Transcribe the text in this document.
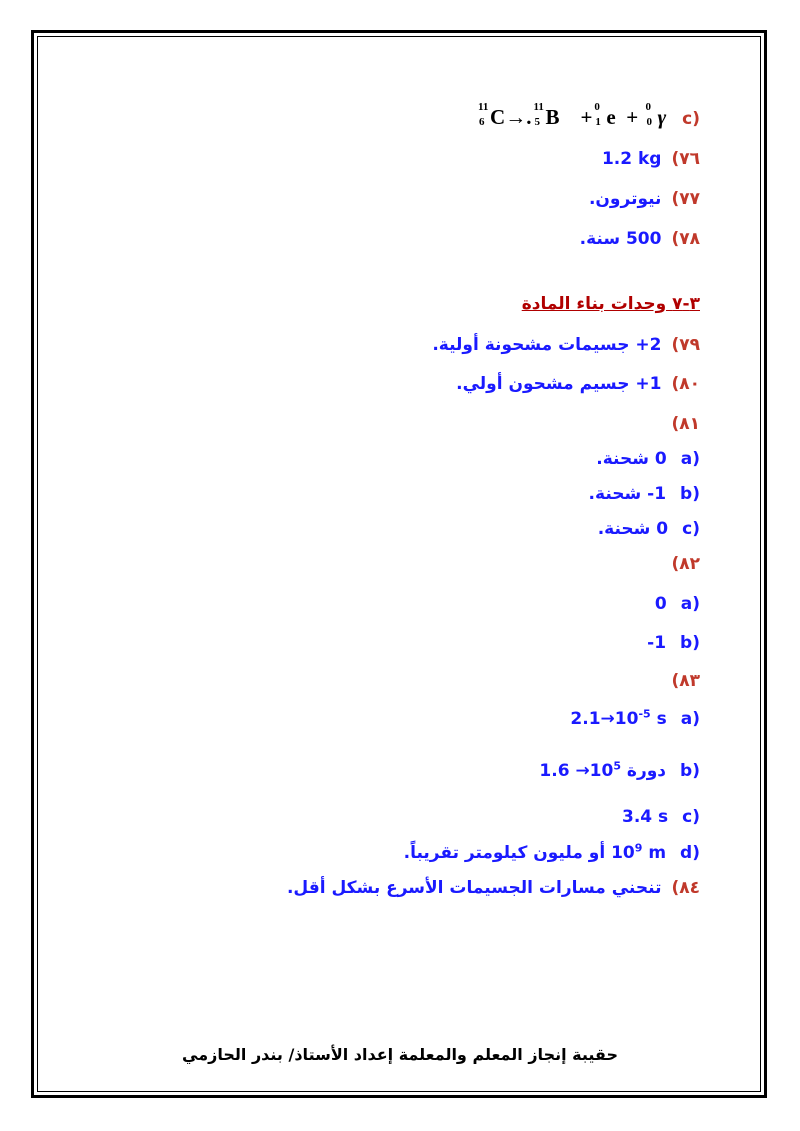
(c
11
6 C→. 11
5 B + 0
1 e + 0
0 γ
٧٦)1.2 kg
٧٧)نيوترون.
٧٨)500 سنة.
٣-٧ وحدات بناء المادة
٧٩)2+ جسيمات مشحونة أولية.
٨٠)1+ جسيم مشحون أولي.
٨١)
(a0 شحنة.
(b1- شحنة.
(c0 شحنة.
٨٢)
(a0
(b-1
٨٣)
($a2.1\to 10^{-5}$ s
(bدورة $1.6 \to 10^5$
(c3.4 s
($d10^9$ m أو مليون كيلومتر تقريباً.
٨٤)تنحني مسارات الجسيمات الأسرع بشكل أقل.
حقيبة إنجاز المعلم والمعلمة إعداد الأستاذ/ بندر الحازمي
